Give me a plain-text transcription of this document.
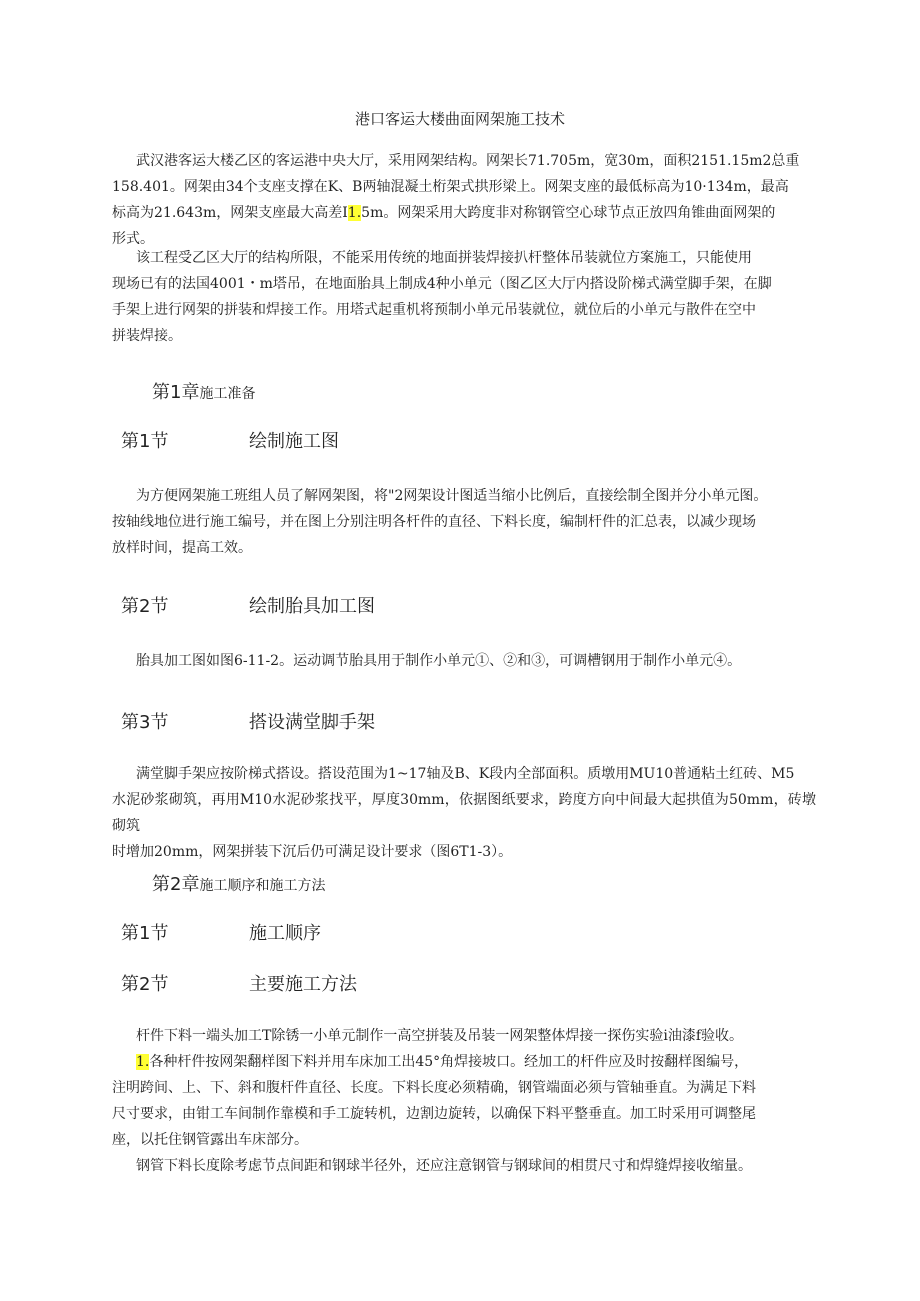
港口客运大楼曲面网架施工技术
武汉港客运大楼乙区的客运港中央大厅，采用网架结构。网架长71.705m，宽30m，面积2151.15m2总重
158.401。网架由34个支座支撑在K、B两轴混凝土桁架式拱形梁上。网架支座的最低标高为10·134m，最高
标高为21.643m，网架支座最大高差I1.5m。网架采用大跨度非对称钢管空心球节点正放四角锥曲面网架的
形式。
该工程受乙区大厅的结构所限，不能采用传统的地面拼装焊接扒杆整体吊装就位方案施工，只能使用
现场已有的法国4001・m塔吊，在地面胎具上制成4种小单元（图乙区大厅内搭设阶梯式满堂脚手架，在脚
手架上进行网架的拼装和焊接工作。用塔式起重机将预制小单元吊装就位，就位后的小单元与散件在空中
拼装焊接。
第1章施工准备
第1节	绘制施工图
为方便网架施工班组人员了解网架图，将"2网架设计图适当缩小比例后，直接绘制全图并分小单元图。
按轴线地位进行施工编号，并在图上分别注明各杆件的直径、下料长度，编制杆件的汇总表，以减少现场
放样时间，提高工效。
第2节	绘制胎具加工图
胎具加工图如图6-11-2。运动调节胎具用于制作小单元①、②和③，可调槽钢用于制作小单元④。
第3节	搭设满堂脚手架
满堂脚手架应按阶梯式搭设。搭设范围为1~17轴及B、K段内全部面积。质墩用MU10普通粘土红砖、M5
水泥砂浆砌筑，再用M10水泥砂浆找平，厚度30mm，依据图纸要求，跨度方向中间最大起拱值为50mm，砖墩砌筑
时增加20mm，网架拼装下沉后仍可满足设计要求（图6T1-3）。
第2章施工顺序和施工方法
第1节	施工顺序
第2节	主要施工方法
杆件下料一端头加工T除锈一小单元制作一高空拼装及吊装一网架整体焊接一探伤实验i油漆f验收。
1.各种杆件按网架翻样图下料并用车床加工出45°角焊接坡口。经加工的杆件应及时按翻样图编号，
注明跨间、上、下、斜和腹杆件直径、长度。下料长度必须精确，钢管端面必须与管轴垂直。为满足下料
尺寸要求，由钳工车间制作靠模和手工旋转机，边割边旋转，以确保下料平整垂直。加工时采用可调整尾
座，以托住钢管露出车床部分。
钢管下料长度除考虑节点间距和钢球半径外，还应注意钢管与钢球间的相贯尺寸和焊缝焊接收缩量。
